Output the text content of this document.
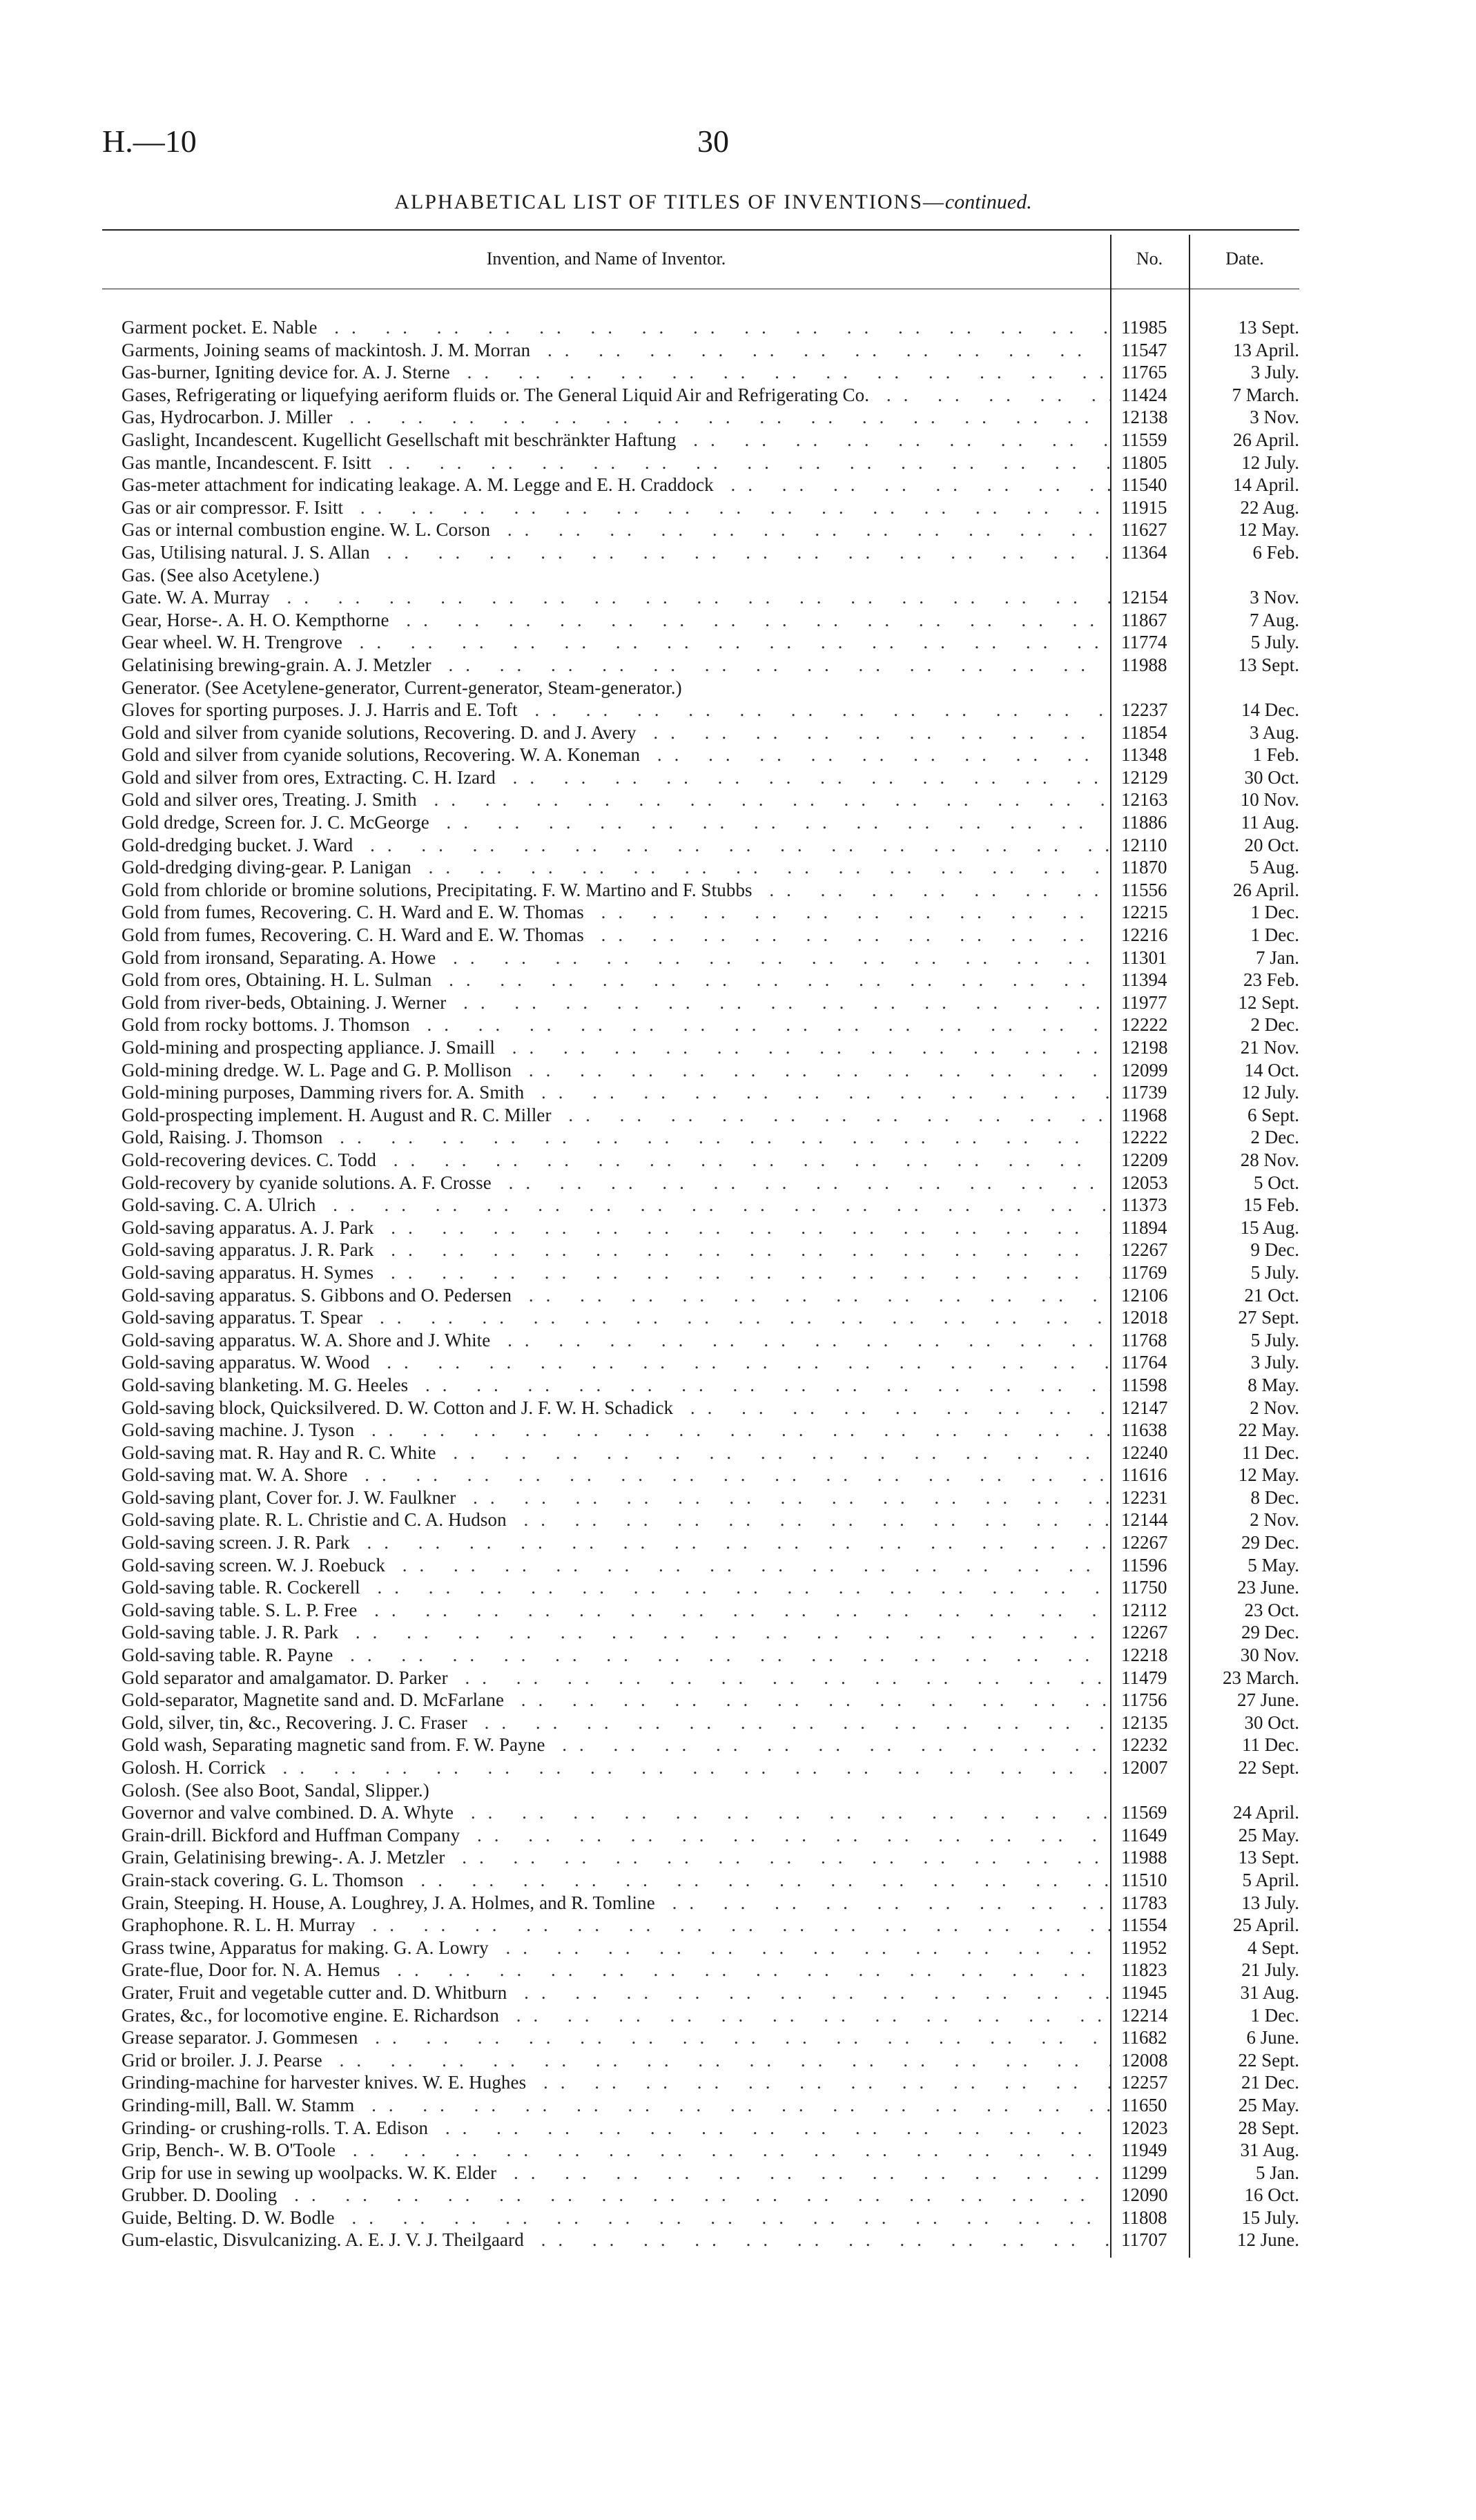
H.—10	30
ALPHABETICAL LIST OF TITLES OF INVENTIONS—continued.
Invention, and Name of Inventor.	No.	Date.
Garment pocket. E. Nable .. ..	11985	13 Sept.
Garments, Joining seams of mackintosh. J. M. Morran .. ..	11547	13 April.
Gas-burner, Igniting device for. A. J. Sterne .. ..	11765	3 July.
Gases, Refrigerating or liquefying aeriform fluids or. The General Liquid Air and Refrigerating Co. .. ..	11424	7 March.
Gas, Hydrocarbon. J. Miller .. ..	12138	3 Nov.
Gaslight, Incandescent. Kugellicht Gesellschaft mit beschränkter Haftung .. ..	11559	26 April.
Gas mantle, Incandescent. F. Isitt .. ..	11805	12 July.
Gas-meter attachment for indicating leakage. A. M. Legge and E. H. Craddock .. ..	11540	14 April.
Gas or air compressor. F. Isitt .. ..	11915	22 Aug.
Gas or internal combustion engine. W. L. Corson .. ..	11627	12 May.
Gas, Utilising natural. J. S. Allan .. ..	11364	6 Feb.
Gas. (See also Acetylene.)
Gate. W. A. Murray .. ..	12154	3 Nov.
Gear, Horse-. A. H. O. Kempthorne .. ..	11867	7 Aug.
Gear wheel. W. H. Trengrove .. ..	11774	5 July.
Gelatinising brewing-grain. A. J. Metzler .. ..	11988	13 Sept.
Generator. (See Acetylene-generator, Current-generator, Steam-generator.)
Gloves for sporting purposes. J. J. Harris and E. Toft .. ..	12237	14 Dec.
Gold and silver from cyanide solutions, Recovering. D. and J. Avery .. ..	11854	3 Aug.
Gold and silver from cyanide solutions, Recovering. W. A. Koneman .. ..	11348	1 Feb.
Gold and silver from ores, Extracting. C. H. Izard .. ..	12129	30 Oct.
Gold and silver ores, Treating. J. Smith .. ..	12163	10 Nov.
Gold dredge, Screen for. J. C. McGeorge .. ..	11886	11 Aug.
Gold-dredging bucket. J. Ward .. ..	12110	20 Oct.
Gold-dredging diving-gear. P. Lanigan .. ..	11870	5 Aug.
Gold from chloride or bromine solutions, Precipitating. F. W. Martino and F. Stubbs .. ..	11556	26 April.
Gold from fumes, Recovering. C. H. Ward and E. W. Thomas .. ..	12215	1 Dec.
Gold from fumes, Recovering. C. H. Ward and E. W. Thomas .. ..	12216	1 Dec.
Gold from ironsand, Separating. A. Howe .. ..	11301	7 Jan.
Gold from ores, Obtaining. H. L. Sulman .. ..	11394	23 Feb.
Gold from river-beds, Obtaining. J. Werner .. ..	11977	12 Sept.
Gold from rocky bottoms. J. Thomson .. ..	12222	2 Dec.
Gold-mining and prospecting appliance. J. Smaill .. ..	12198	21 Nov.
Gold-mining dredge. W. L. Page and G. P. Mollison .. ..	12099	14 Oct.
Gold-mining purposes, Damming rivers for. A. Smith .. ..	11739	12 July.
Gold-prospecting implement. H. August and R. C. Miller .. ..	11968	6 Sept.
Gold, Raising. J. Thomson .. ..	12222	2 Dec.
Gold-recovering devices. C. Todd .. ..	12209	28 Nov.
Gold-recovery by cyanide solutions. A. F. Crosse .. ..	12053	5 Oct.
Gold-saving. C. A. Ulrich .. ..	11373	15 Feb.
Gold-saving apparatus. A. J. Park .. ..	11894	15 Aug.
Gold-saving apparatus. J. R. Park .. ..	12267	9 Dec.
Gold-saving apparatus. H. Symes .. ..	11769	5 July.
Gold-saving apparatus. S. Gibbons and O. Pedersen .. ..	12106	21 Oct.
Gold-saving apparatus. T. Spear .. ..	12018	27 Sept.
Gold-saving apparatus. W. A. Shore and J. White .. ..	11768	5 July.
Gold-saving apparatus. W. Wood .. ..	11764	3 July.
Gold-saving blanketing. M. G. Heeles .. ..	11598	8 May.
Gold-saving block, Quicksilvered. D. W. Cotton and J. F. W. H. Schadick .. ..	12147	2 Nov.
Gold-saving machine. J. Tyson .. ..	11638	22 May.
Gold-saving mat. R. Hay and R. C. White .. ..	12240	11 Dec.
Gold-saving mat. W. A. Shore .. ..	11616	12 May.
Gold-saving plant, Cover for. J. W. Faulkner .. ..	12231	8 Dec.
Gold-saving plate. R. L. Christie and C. A. Hudson .. ..	12144	2 Nov.
Gold-saving screen. J. R. Park .. ..	12267	29 Dec.
Gold-saving screen. W. J. Roebuck .. ..	11596	5 May.
Gold-saving table. R. Cockerell .. ..	11750	23 June.
Gold-saving table. S. L. P. Free .. ..	12112	23 Oct.
Gold-saving table. J. R. Park .. ..	12267	29 Dec.
Gold-saving table. R. Payne .. ..	12218	30 Nov.
Gold separator and amalgamator. D. Parker .. ..	11479	23 March.
Gold-separator, Magnetite sand and. D. McFarlane .. ..	11756	27 June.
Gold, silver, tin, &c., Recovering. J. C. Fraser .. ..	12135	30 Oct.
Gold wash, Separating magnetic sand from. F. W. Payne .. ..	12232	11 Dec.
Golosh. H. Corrick .. ..	12007	22 Sept.
Golosh. (See also Boot, Sandal, Slipper.)
Governor and valve combined. D. A. Whyte .. ..	11569	24 April.
Grain-drill. Bickford and Huffman Company .. ..	11649	25 May.
Grain, Gelatinising brewing-. A. J. Metzler .. ..	11988	13 Sept.
Grain-stack covering. G. L. Thomson .. ..	11510	5 April.
Grain, Steeping. H. House, A. Loughrey, J. A. Holmes, and R. Tomline .. ..	11783	13 July.
Graphophone. R. L. H. Murray .. ..	11554	25 April.
Grass twine, Apparatus for making. G. A. Lowry .. ..	11952	4 Sept.
Grate-flue, Door for. N. A. Hemus .. ..	11823	21 July.
Grater, Fruit and vegetable cutter and. D. Whitburn .. ..	11945	31 Aug.
Grates, &c., for locomotive engine. E. Richardson .. ..	12214	1 Dec.
Grease separator. J. Gommesen .. ..	11682	6 June.
Grid or broiler. J. J. Pearse .. ..	12008	22 Sept.
Grinding-machine for harvester knives. W. E. Hughes .. ..	12257	21 Dec.
Grinding-mill, Ball. W. Stamm .. ..	11650	25 May.
Grinding- or crushing-rolls. T. A. Edison .. ..	12023	28 Sept.
Grip, Bench-. W. B. O'Toole .. ..	11949	31 Aug.
Grip for use in sewing up woolpacks. W. K. Elder .. ..	11299	5 Jan.
Grubber. D. Dooling .. ..	12090	16 Oct.
Guide, Belting. D. W. Bodle .. ..	11808	15 July.
Gum-elastic, Disvulcanizing. A. E. J. V. J. Theilgaard .. ..	11707	12 June.
